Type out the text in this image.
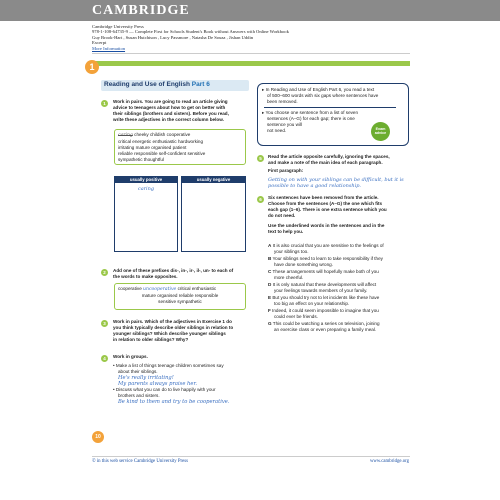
CAMBRIDGE
Cambridge University Press
978-1-108-64735-9 — Complete First for Schools Student's Book without Answers with Online Workbook
Guy Brook-Hart , Susan Hutchison , Lucy Passmore , Natasha De Souza , Jishan Uddin
Excerpt
More Information
1
Reading and Use of English Part 6
1	Work in pairs. You are going to read an article giving
advice to teenagers about how to get on better with
their siblings (brothers and sisters). Before you read,
write these adjectives in the correct column below.
caring cheeky childish cooperative
critical energetic enthusiastic hardworking
irritating mature organised patient
reliable responsible self-confident sensitive
sympathetic thoughtful
usually positive	usually negative
caring
2	Add one of these prefixes dis-, in-, ir-, il-, un- to each of
the words to make opposites.
cooperative uncooperative critical enthusiastic
mature organised reliable responsible
sensitive sympathetic
3	Work in pairs. Which of the adjectives in Exercise 1 do
you think typically describe older siblings in relation to
younger siblings? Which describe younger siblings
in relation to older siblings? Why?
4	Work in groups.
• Make a list of things teenage children sometimes say
about their siblings.
He's really irritating!
My parents always praise her.
• Discuss what you can do to live happily with your
brothers and sisters.
Be kind to them and try to be cooperative.
▸ In Reading and Use of English Part 6, you read a text
of 500–600 words with six gaps where sentences have
been removed.
▸ You choose one sentence from a list of seven
sentences (A–G) for each gap; there is one
sentence you will
not need.	Exam advice
5	Read the article opposite carefully, ignoring the spaces,
and make a note of the main idea of each paragraph.
First paragraph:
Getting on with your siblings can be difficult, but it is
possible to have a good relationship.
6	Six sentences have been removed from the article.
Choose from the sentences (A–G) the one which fits
each gap (1–6). There is one extra sentence which you
do not need.
Use the underlined words in the sentences and in the
text to help you.
A It is also crucial that you are sensitive to the feelings of
your siblings too.
B Your siblings need to learn to take responsibility if they
have done something wrong.
C These arrangements will hopefully make both of you
more cheerful.
D It is only natural that these developments will affect
your feelings towards members of your family.
E But you should try not to let incidents like these have
too big an effect on your relationship.
F Indeed, it could seem impossible to imagine that you
could ever be friends.
G This could be watching a series on television, joining
an exercise class or even preparing a family meal.
10
© in this web service Cambridge University Press	www.cambridge.org
